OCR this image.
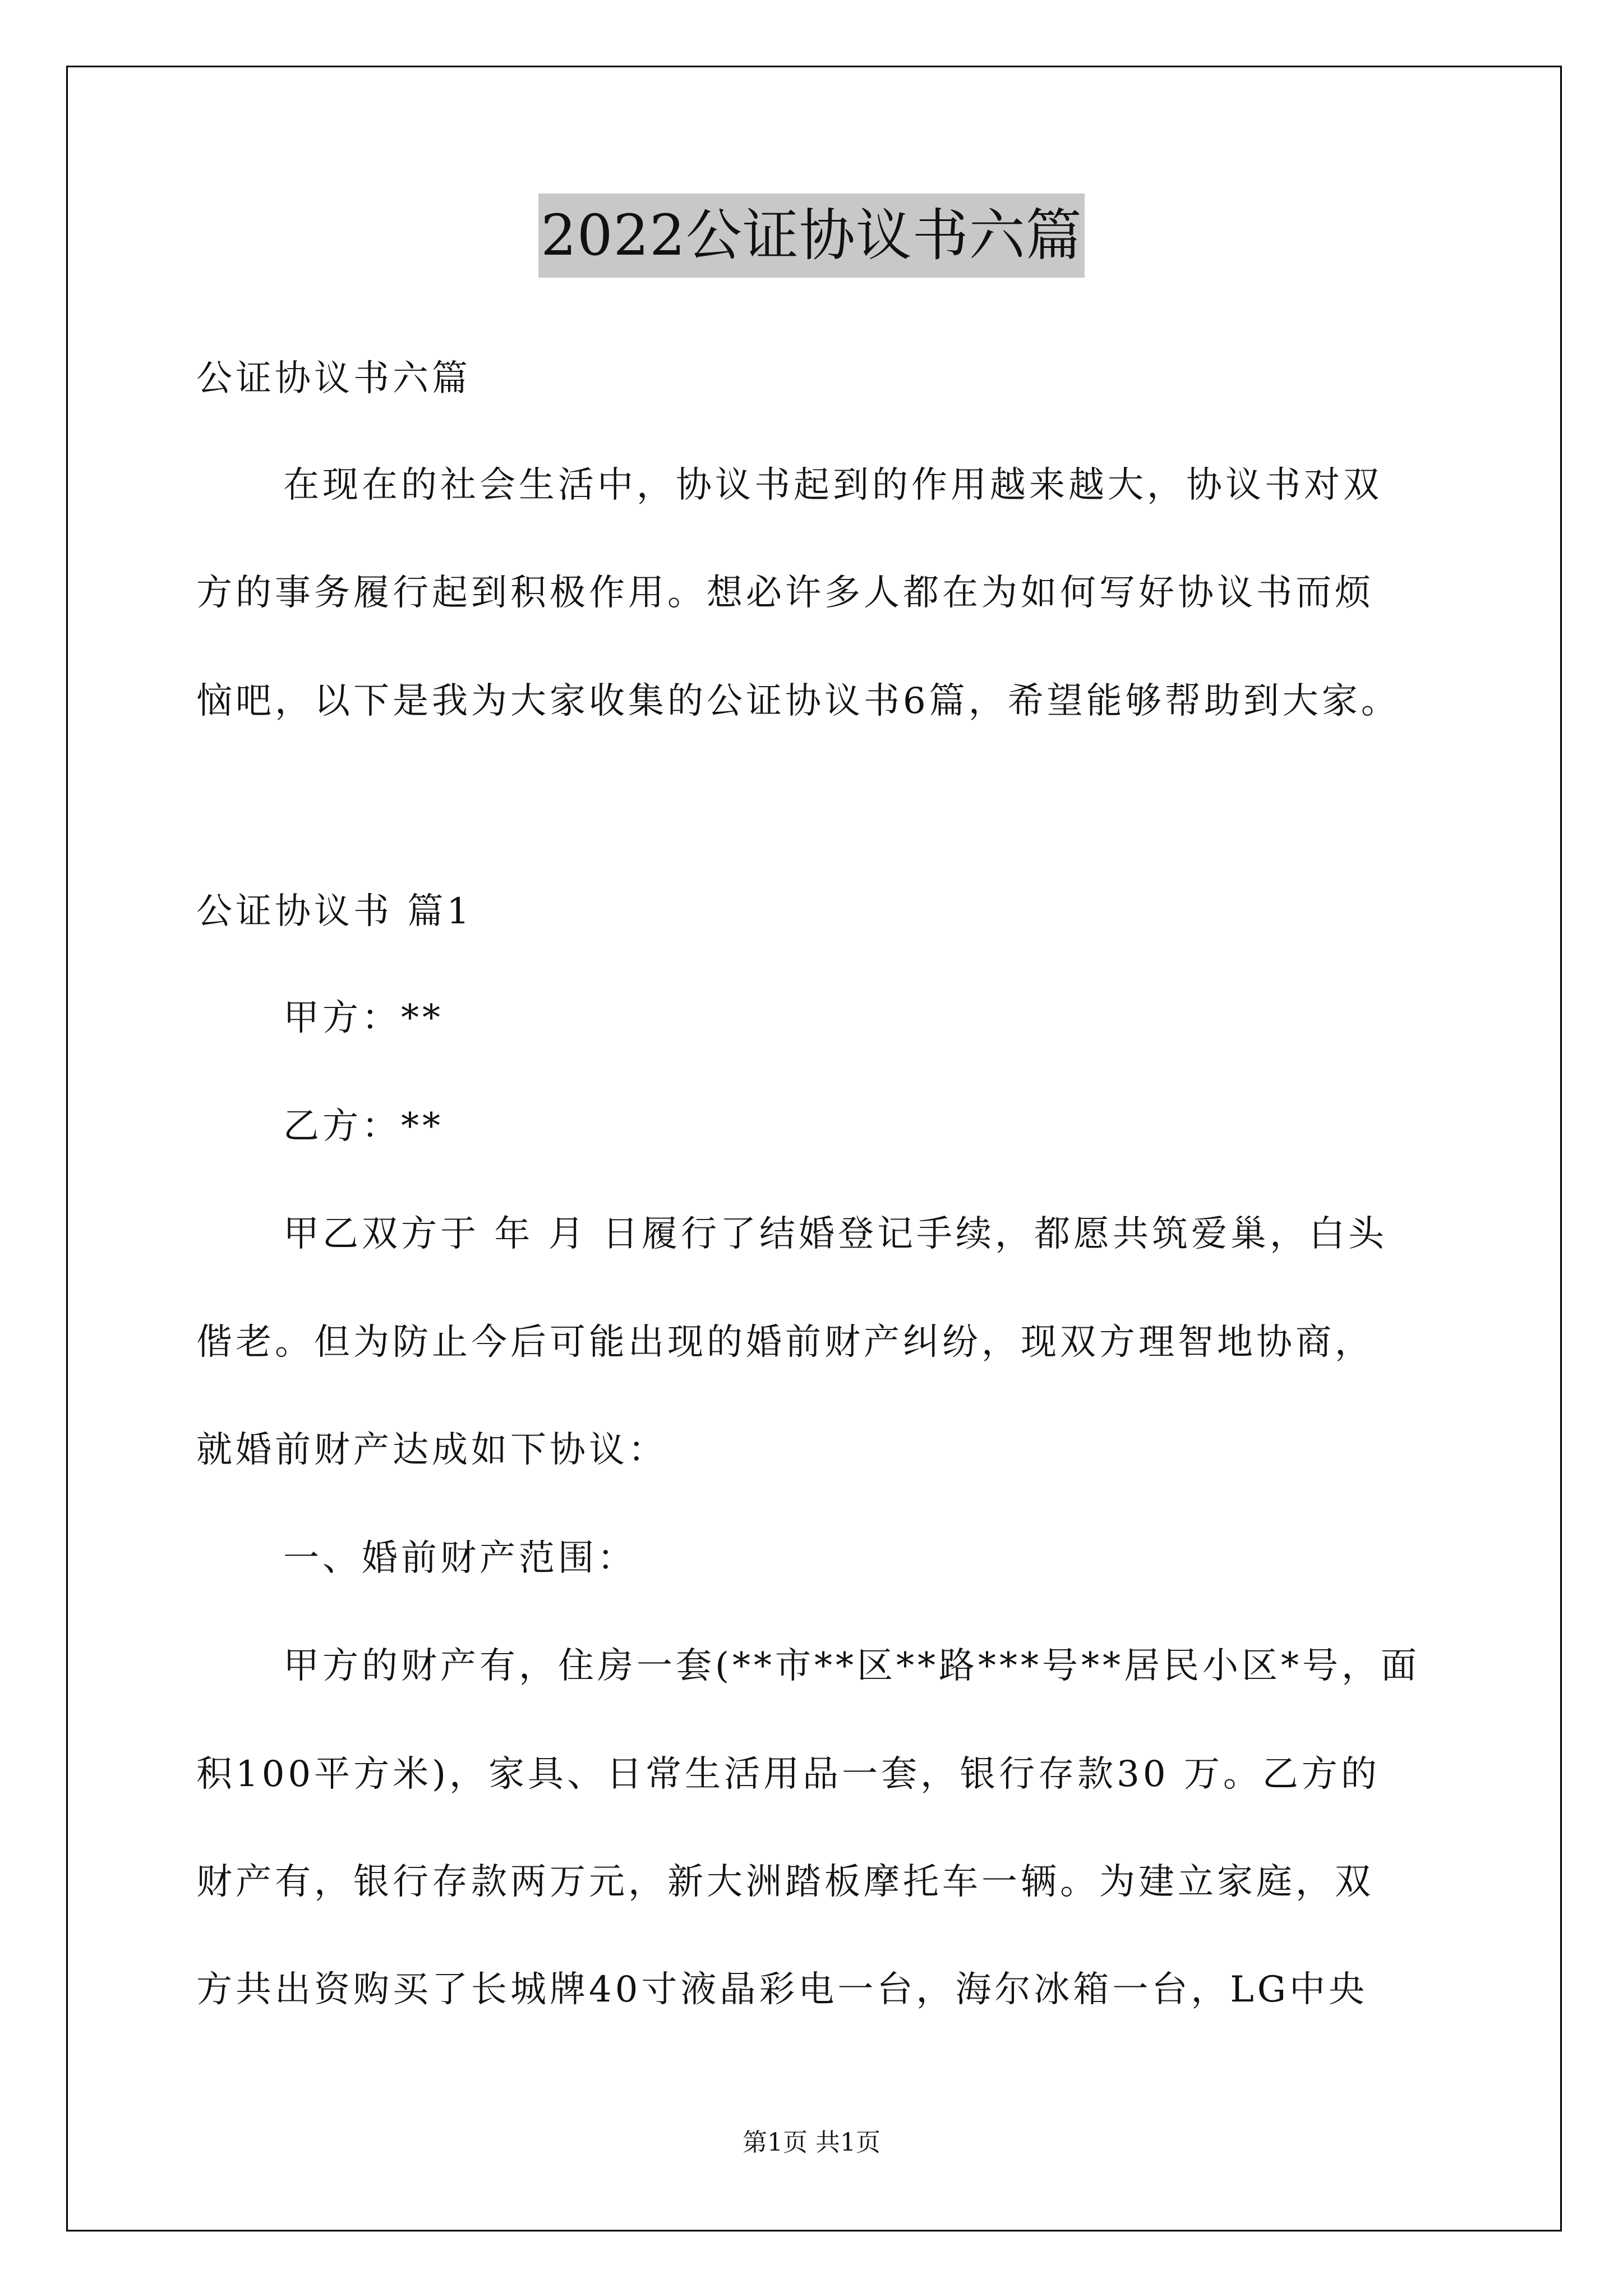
2022公证协议书六篇
公证协议书六篇
在现在的社会生活中，协议书起到的作用越来越大，协议书对双
方的事务履行起到积极作用。想必许多人都在为如何写好协议书而烦
恼吧，以下是我为大家收集的公证协议书6篇，希望能够帮助到大家。
公证协议书 篇1
甲方：**
乙方：**
甲乙双方于 年 月 日履行了结婚登记手续，都愿共筑爱巢，白头
偕老。但为防止今后可能出现的婚前财产纠纷，现双方理智地协商，
就婚前财产达成如下协议：
一、婚前财产范围：
甲方的财产有，住房一套(**市**区**路***号**居民小区*号，面
积100平方米)，家具、日常生活用品一套，银行存款30 万。乙方的
财产有，银行存款两万元，新大洲踏板摩托车一辆。为建立家庭，双
方共出资购买了长城牌40寸液晶彩电一台，海尔冰箱一台，LG中央
第1页 共1页
